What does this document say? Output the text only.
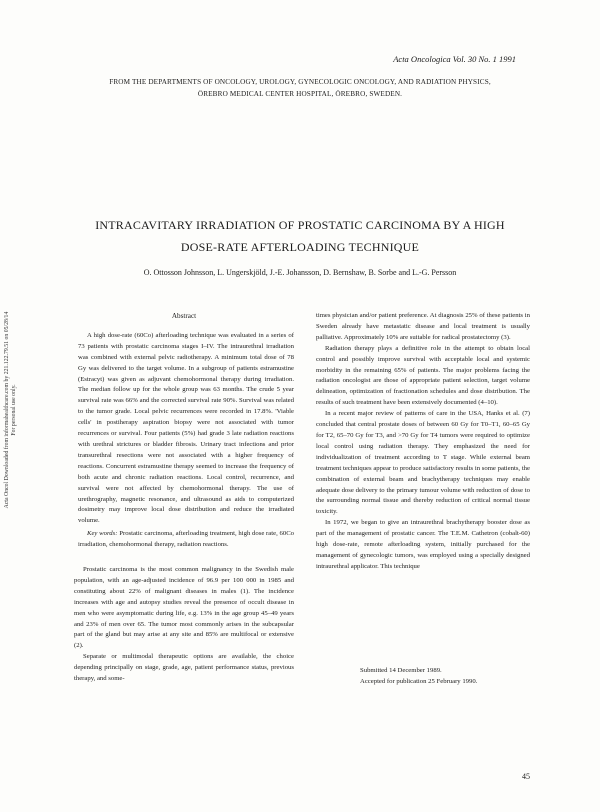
Acta Oncologica Vol. 30 No. 1 1991
FROM THE DEPARTMENTS OF ONCOLOGY, UROLOGY, GYNECOLOGIC ONCOLOGY, AND RADIATION PHYSICS,
ÖREBRO MEDICAL CENTER HOSPITAL, ÖREBRO, SWEDEN.
Acta Oncol Downloaded from informahealthcare.com by 221.122.79.51 on 05/28/14 For personal use only.
INTRACAVITARY IRRADIATION OF PROSTATIC CARCINOMA BY A HIGH
DOSE-RATE AFTERLOADING TECHNIQUE
O. Ottosson Johnsson, L. Ungerskjöld, J.-E. Johansson, D. Bernshaw, B. Sorbe and L.-G. Persson
Abstract

A high dose-rate (60Co) afterloading technique was evaluated in a series of 73 patients with prostatic carcinoma stages I–IV. The intraurethral irradiation was combined with external pelvic radiotherapy. A minimum total dose of 78 Gy was delivered to the target volume. In a subgroup of patients estramustine (Estracyt) was given as adjuvant chemohormonal therapy during irradiation. The median follow up for the whole group was 63 months. The crude 5 year survival rate was 66% and the corrected survival rate 90%. Survival was related to the tumor grade. Local pelvic recurrences were recorded in 17.8%. 'Viable cells' in postiherapy aspiration biopsy were not associated with tumor recurrences or survival. Four patients (5%) had grade 3 late radiation reactions with urethral strictures or bladder fibrosis. Urinary tract infections and prior transurethral resections were not associated with a higher frequency of reactions. Concurrent estramustine therapy seemed to increase the frequency of both acute and chronic radiation reactions. Local control, recurrence, and survival were not affected by chemohormonal therapy. The use of urethrography, magnetic resonance, and ultrasound as aids to computerized dosimetry may improve local dose distribution and reduce the irradiated volume.

Key words: Prostatic carcinoma, afterloading treatment, high dose rate, 60Co irradiation, chemohormonal therapy, radiation reactions.

Prostatic carcinoma is the most common malignancy in the Swedish male population, with an age-adjusted incidence of 96.9 per 100 000 in 1985 and constituting about 22% of malignant diseases in males (1). The incidence increases with age and autopsy studies reveal the presence of occult disease in men who were asymptomatic during life, e.g. 13% in the age group 45–49 years and 23% of men over 65. The tumor most commonly arises in the subcapsular part of the gland but may arise at any site and 85% are multifocal or extensive (2).

Separate or multimodal therapeutic options are available, the choice depending principally on stage, grade, age, patient performance status, previous therapy, and some-

times physician and/or patient preference. At diagnosis 25% of these patients in Sweden already have metastatic disease and local treatment is usually palliative. Approximately 10% are suitable for radical prostatectomy (3).

Radiation therapy plays a definitive role in the attempt to obtain local control and possibly improve survival with acceptable local and systemic morbidity in the remaining 65% of patients. The major problems facing the radiation oncologist are those of appropriate patient selection, target volume delineation, optimization of fractionation schedules and dose distribution. The results of such treatment have been extensively documented (4–10).

In a recent major review of patterns of care in the USA, Hanks et al. (7) concluded that central prostate doses of between 60 Gy for T0–T1, 60–65 Gy for T2, 65–70 Gy for T3, and >70 Gy for T4 tumors were required to optimize local control using radiation therapy. They emphasized the need for individualization of treatment according to T stage. While external beam treatment techniques appear to produce satisfactory results in some patients, the combination of external beam and brachytherapy techniques may enable adequate dose delivery to the primary tumour volume with reduction of dose to the surrounding normal tissue and thereby reduction of critical normal tissue toxicity.

In 1972, we began to give an intraurethral brachytherapy booster dose as part of the management of prostatic cancer. The T.E.M. Cathetron (cobalt-60) high dose-rate, remote afterloading system, initially purchased for the management of gynecologic tumors, was employed using a specially designed intraurethral applicator. This technique

Submitted 14 December 1989.
Accepted for publication 25 February 1990.
45
